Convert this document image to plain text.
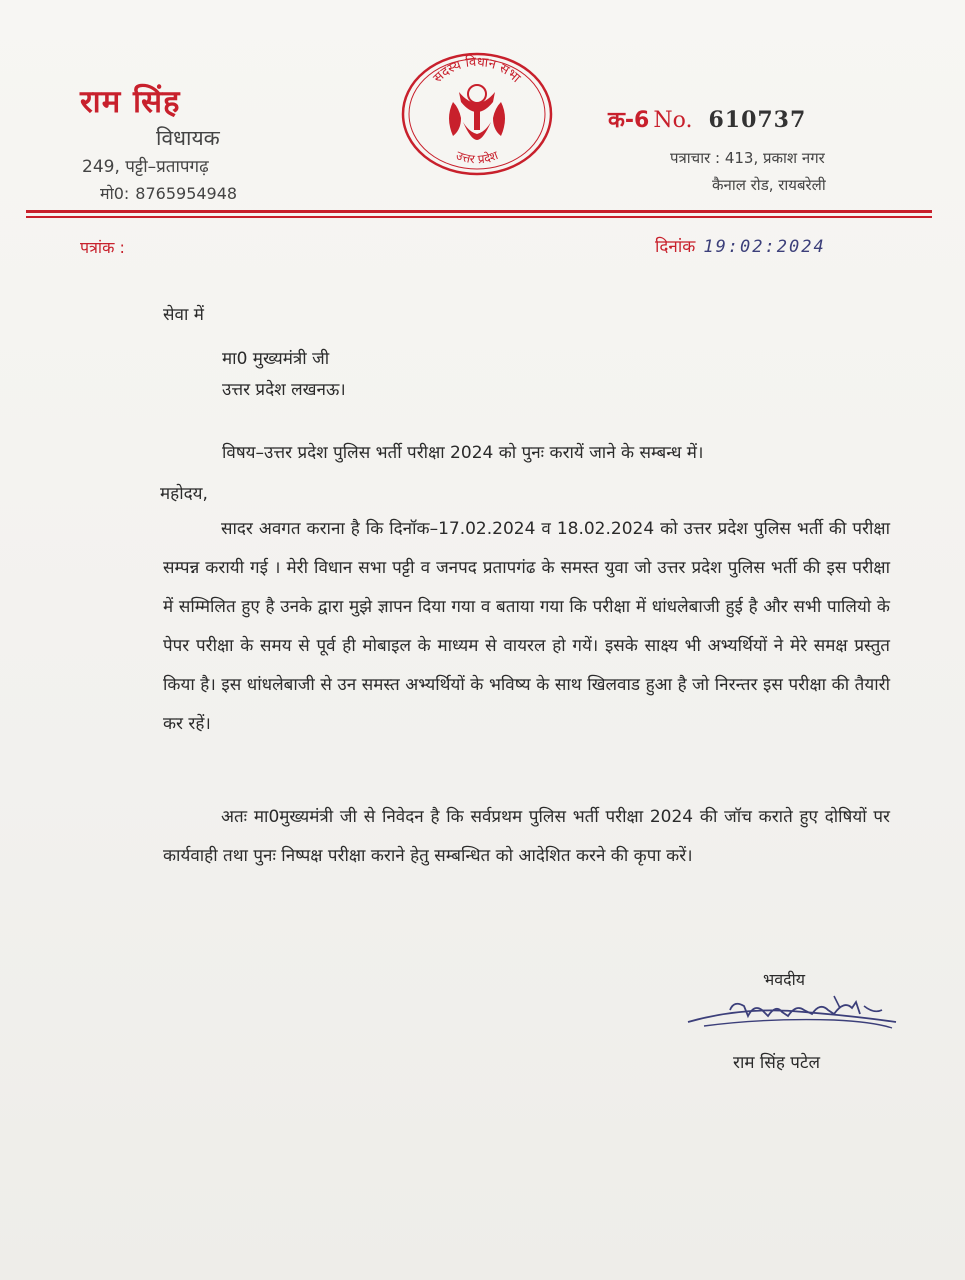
राम सिंह
विधायक
249, पट्टी–प्रतापगढ़
मो0: 8765954948
सदस्य विधान सभा
उत्तर प्रदेश
क-6 No. 610737
पत्राचार : 413, प्रकाश नगर
कैनाल रोड, रायबरेली
पत्रांक :	दिनांक 19:02:2024
सेवा में
मा0 मुख्यमंत्री जी
उत्तर प्रदेश लखनऊ।
विषय–उत्तर प्रदेश पुलिस भर्ती परीक्षा 2024 को पुनः करायें जाने के सम्बन्ध में।
महोदय,

सादर अवगत कराना है कि दिनॉक–17.02.2024 व 18.02.2024 को उत्तर प्रदेश पुलिस भर्ती की परीक्षा सम्पन्न करायी गई । मेरी विधान सभा पट्टी व जनपद प्रतापगंढ के समस्त युवा जो उत्तर प्रदेश पुलिस भर्ती की इस परीक्षा में सम्मिलित हुए है उनके द्वारा मुझे ज्ञापन दिया गया व बताया गया कि परीक्षा में धांधलेबाजी हुई है और सभी पालियो के पेपर परीक्षा के समय से पूर्व ही मोबाइल के माध्यम से वायरल हो गयें। इसके साक्ष्य भी अभ्यर्थियों ने मेरे समक्ष प्रस्तुत किया है। इस धांधलेबाजी से उन समस्त अभ्यर्थियों के भविष्य के साथ खिलवाड हुआ है जो निरन्तर इस परीक्षा की तैयारी कर रहें।

अतः मा0मुख्यमंत्री जी से निवेदन है कि सर्वप्रथम पुलिस भर्ती परीक्षा 2024 की जॉच कराते हुए दोषियों पर कार्यवाही तथा पुनः निष्पक्ष परीक्षा कराने हेतु सम्बन्धित को आदेशित करने की कृपा करें।

भवदीय
राम सिंह पटेल
